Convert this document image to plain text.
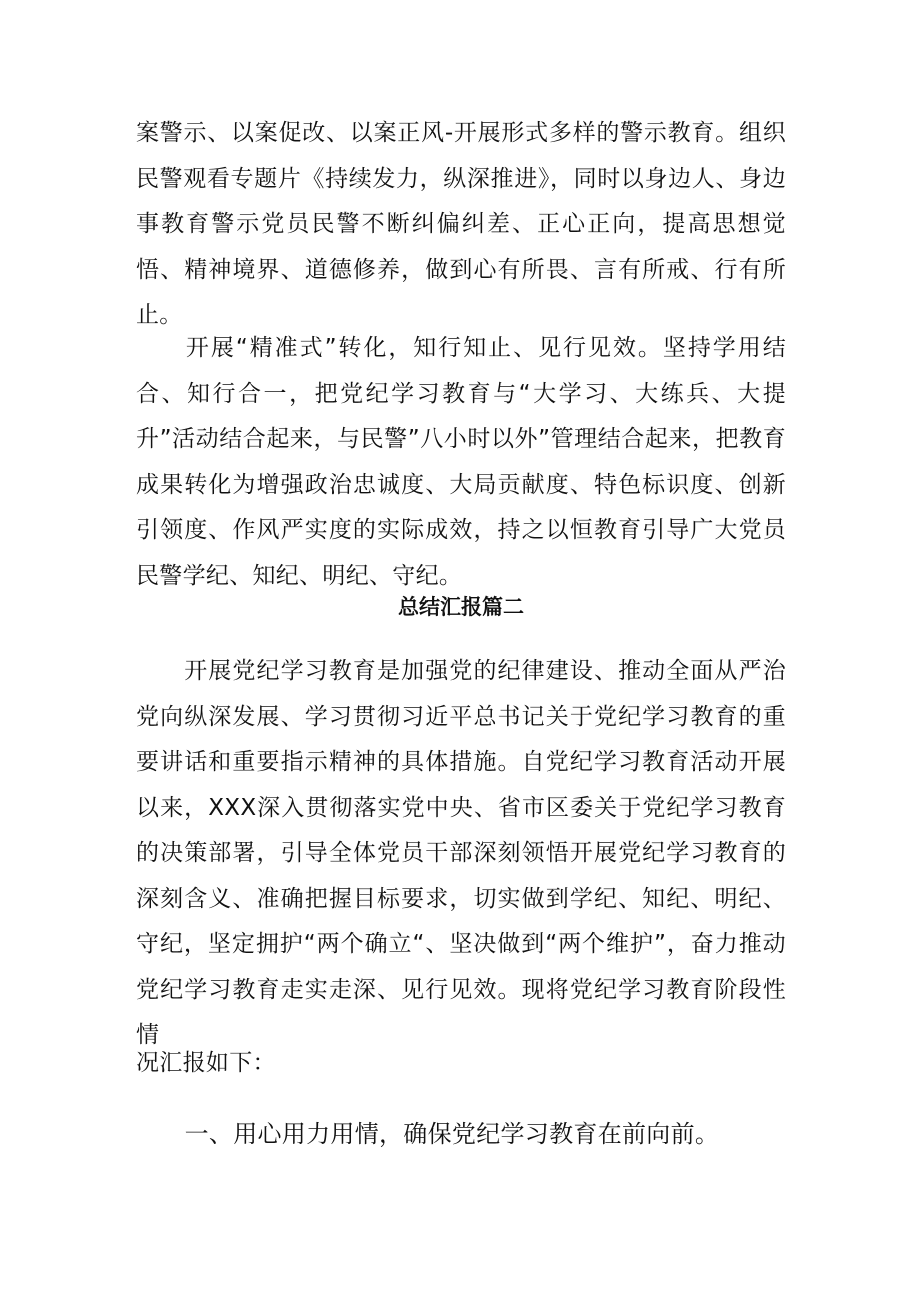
案警示、以案促改、以案正风-开展形式多样的警示教育。组织民警观看专题片《持续发力，纵深推进》，同时以身边人、身边事教育警示党员民警不断纠偏纠差、正心正向，提高思想觉悟、精神境界、道德修养，做到心有所畏、言有所戒、行有所止。

　　开展“精准式”转化，知行知止、见行见效。坚持学用结合、知行合一，把党纪学习教育与“大学习、大练兵、大提升”活动结合起来，与民警”八小时以外”管理结合起来，把教育成果转化为增强政治忠诚度、大局贡献度、特色标识度、创新引领度、作风严实度的实际成效，持之以恒教育引导广大党员民警学纪、知纪、明纪、守纪。

总结汇报篇二

　　开展党纪学习教育是加强党的纪律建设、推动全面从严治党向纵深发展、学习贯彻习近平总书记关于党纪学习教育的重要讲话和重要指示精神的具体措施。自党纪学习教育活动开展以来，XXX深入贯彻落实党中央、省市区委关于党纪学习教育的决策部署，引导全体党员干部深刻领悟开展党纪学习教育的深刻含义、准确把握目标要求，切实做到学纪、知纪、明纪、守纪，坚定拥护“两个确立“、坚决做到“两个维护”，奋力推动党纪学习教育走实走深、见行见效。现将党纪学习教育阶段性情

况汇报如下：

　　一、用心用力用情，确保党纪学习教育在前向前。
